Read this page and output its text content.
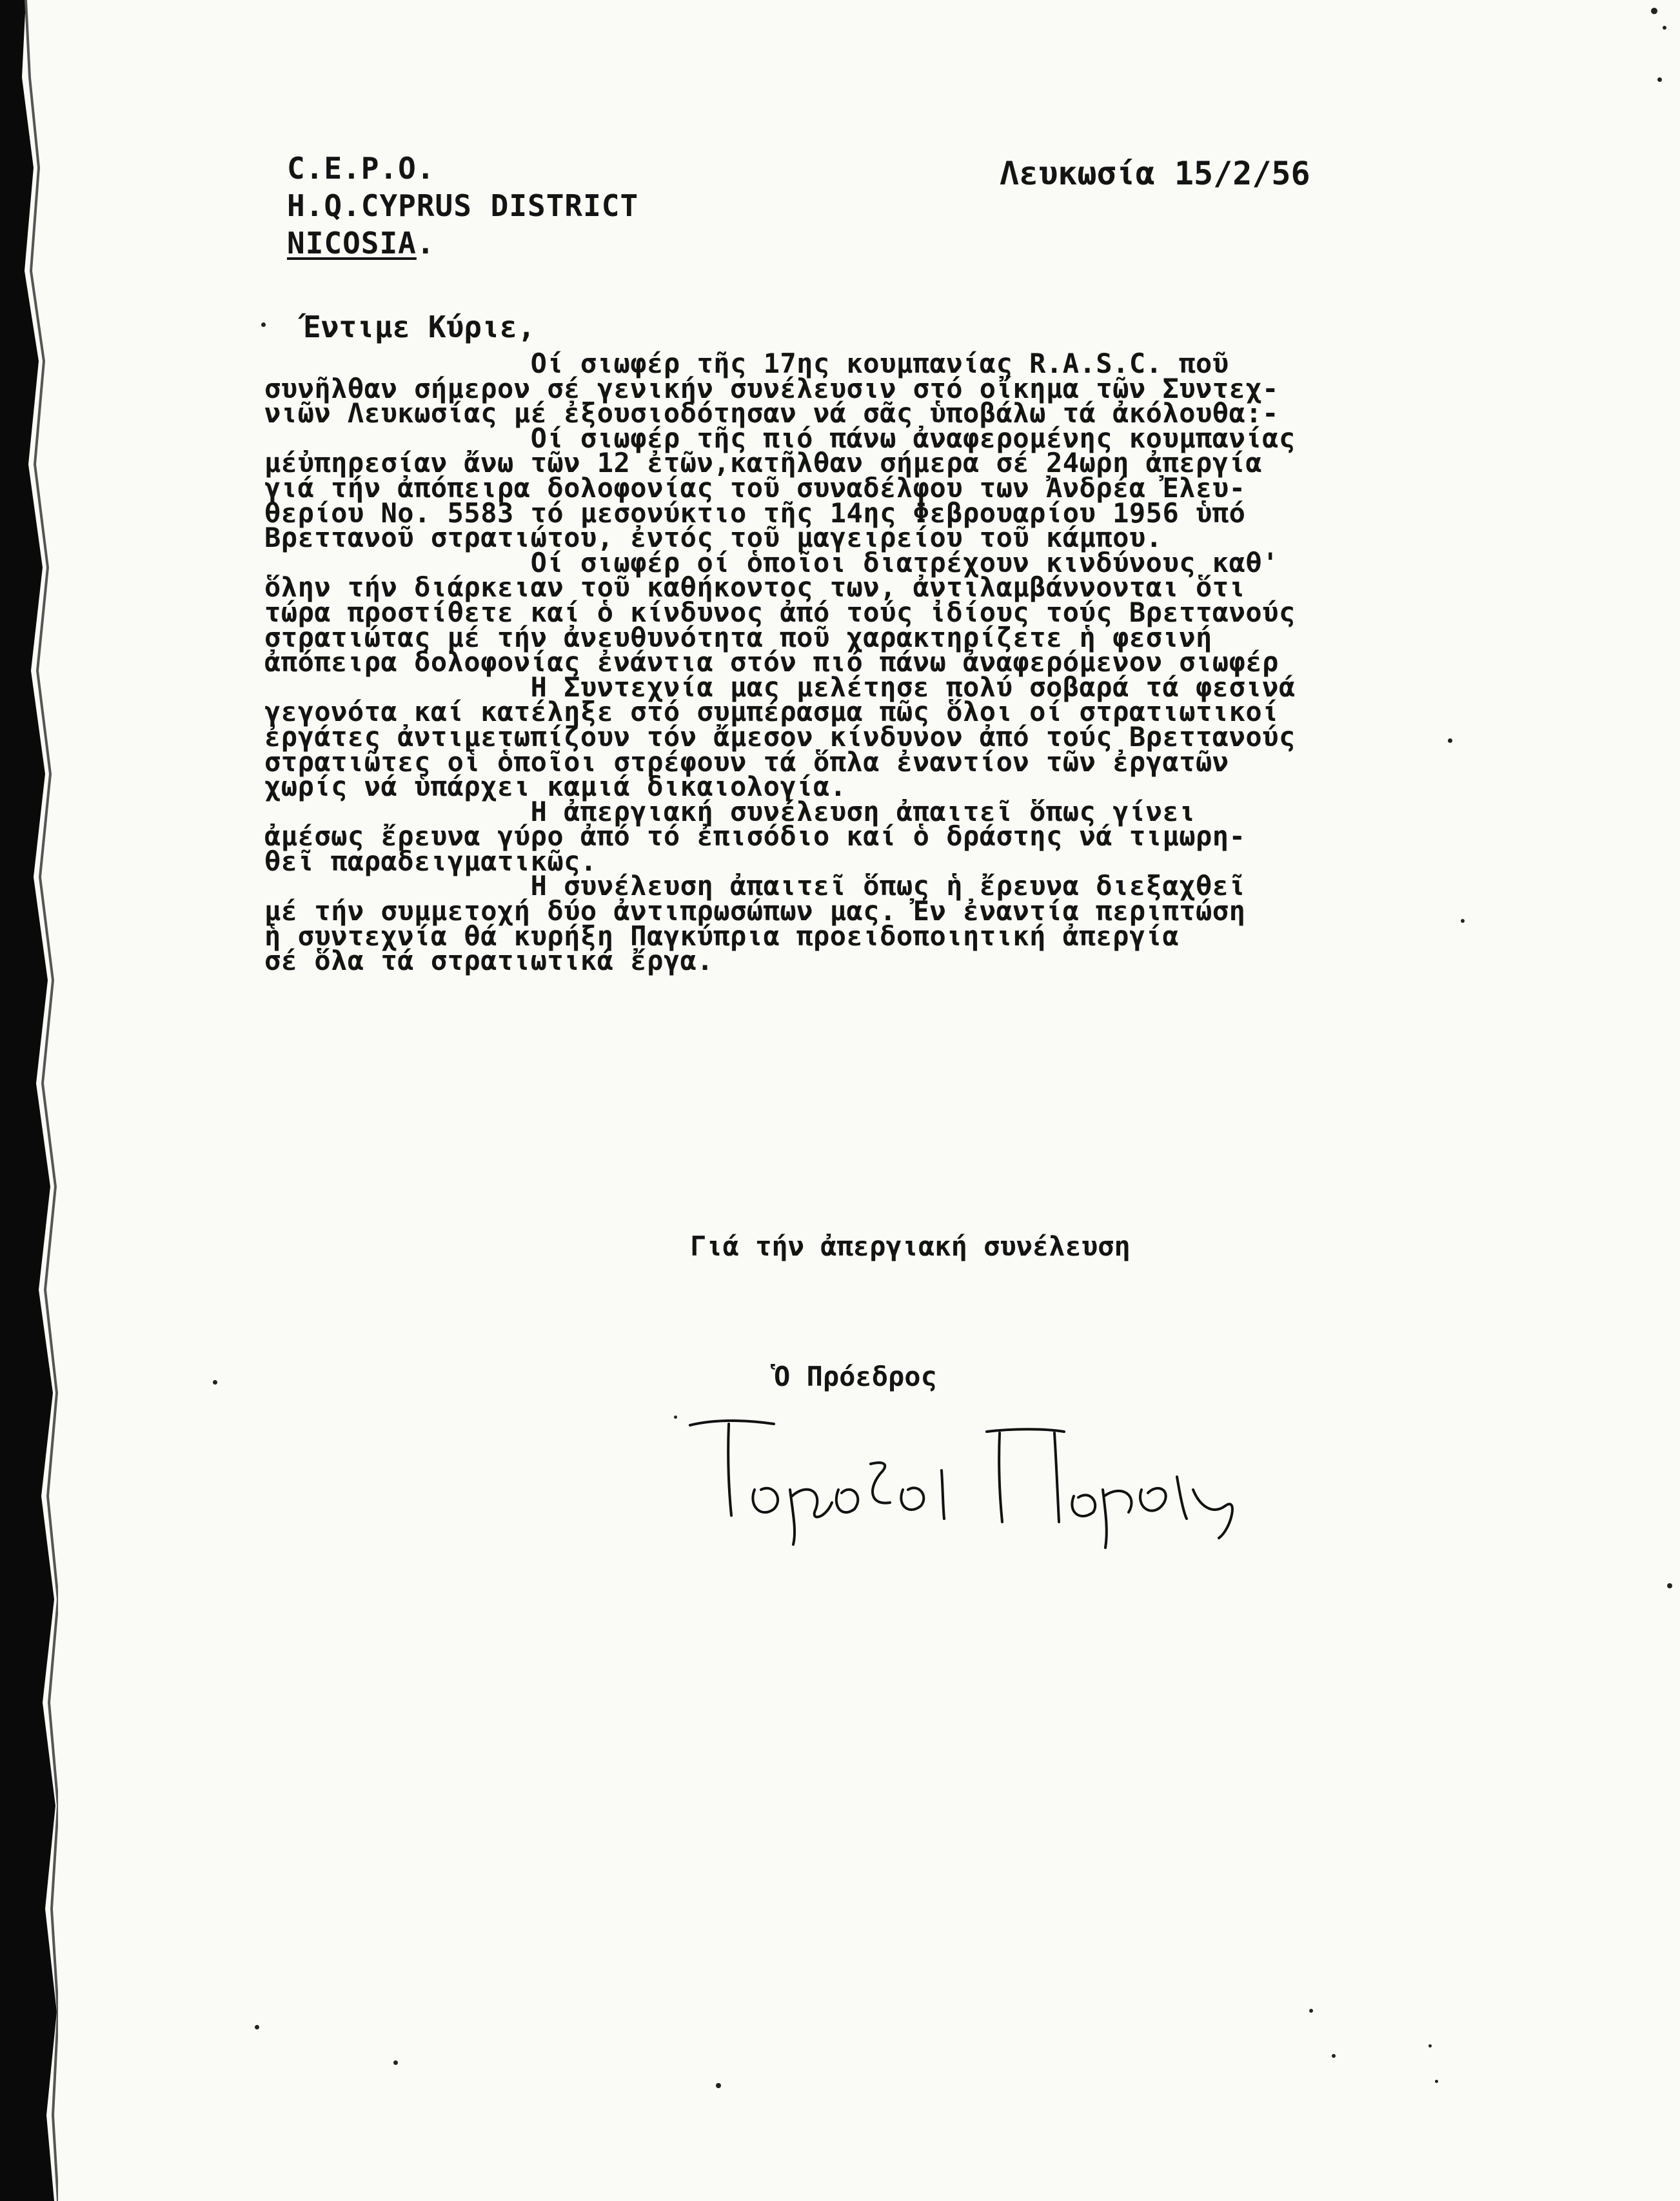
C.E.P.O.
H.Q.CYPRUS DISTRICT
NICOSIA.
Λευκωσία 15/2/56
Έντιμε Κύριε,
Οί σιωφέρ τῆς 17ης κουμπανίας R.A.S.C. ποῦ
συνῆλθαν σήμερον σέ γενικήν συνέλευσιν στό οἴκημα τῶν Συντεχ-
νιῶν Λευκωσίας μέ ἐξουσιοδότησαν νά σᾶς ὑποβάλω τά ἀκόλουθα:-
Οί σιωφέρ τῆς πιό πάνω ἀναφερομένης κουμπανίας
μέὐπηρεσίαν ἄνω τῶν 12 ἐτῶν,κατῆλθαν σήμερα σέ 24ωρη ἀπεργία
γιά τήν ἀπόπειρα δολοφονίας τοῦ συναδέλφου των Ἀνδρέα Ἐλευ-
θερίου Νο. 5583 τό μεσονύκτιο τῆς 14ης Φεβρουαρίου 1956 ὑπό
Βρεττανοῦ στρατιώτου, ἐντός τοῦ μαγειρείου τοῦ κάμπου.
Οί σιωφέρ οί ὁποῖοι διατρέχουν κινδύνους καθ'
ὅλην τήν διάρκειαν τοῦ καθήκοντος των, ἀντιλαμβάννονται ὅτι
τώρα προστίθετε καί ὁ κίνδυνος ἀπό τούς ἰδίους τούς Βρεττανούς
στρατιώτας μέ τήν ἀνευθυνότητα ποῦ χαρακτηρίζετε ἡ φεσινή
ἀπόπειρα δολοφονίας ἐνάντια στόν πιό πάνω ἀναφερόμενον σιωφέρ
Η Συντεχνία μας μελέτησε πολύ σοβαρά τά φεσινά
γεγονότα καί κατέληξε στό συμπέρασμα πῶς ὅλοι οί στρατιωτικοί
ἐργάτες ἀντιμετωπίζουν τόν ἄμεσον κίνδυνον ἀπό τούς Βρεττανούς
στρατιῶτες οἱ ὁποῖοι στρέφουν τά ὅπλα ἐναντίον τῶν ἐργατῶν
χωρίς νά ὑπάρχει καμιά δικαιολογία.
Η ἀπεργιακή συνέλευση ἀπαιτεῖ ὅπως γίνει
ἀμέσως ἔρευνα γύρο ἀπό τό ἐπισόδιο καί ὁ δράστης νά τιμωρη-
θεῖ παραδειγματικῶς.
Η συνέλευση ἀπαιτεῖ ὅπως ἡ ἔρευνα διεξαχθεῖ
μέ τήν συμμετοχή δύο ἀντιπρωσώπων μας. Ἐν ἐναντία περιπτώση
ἡ συντεχνία θά κυρήξη Παγκύπρια προειδοποιητική ἀπεργία
σέ ὅλα τά στρατιωτικά ἔργα.
Γιά τήν ἀπεργιακή συνέλευση
Ὁ Πρόεδρος
